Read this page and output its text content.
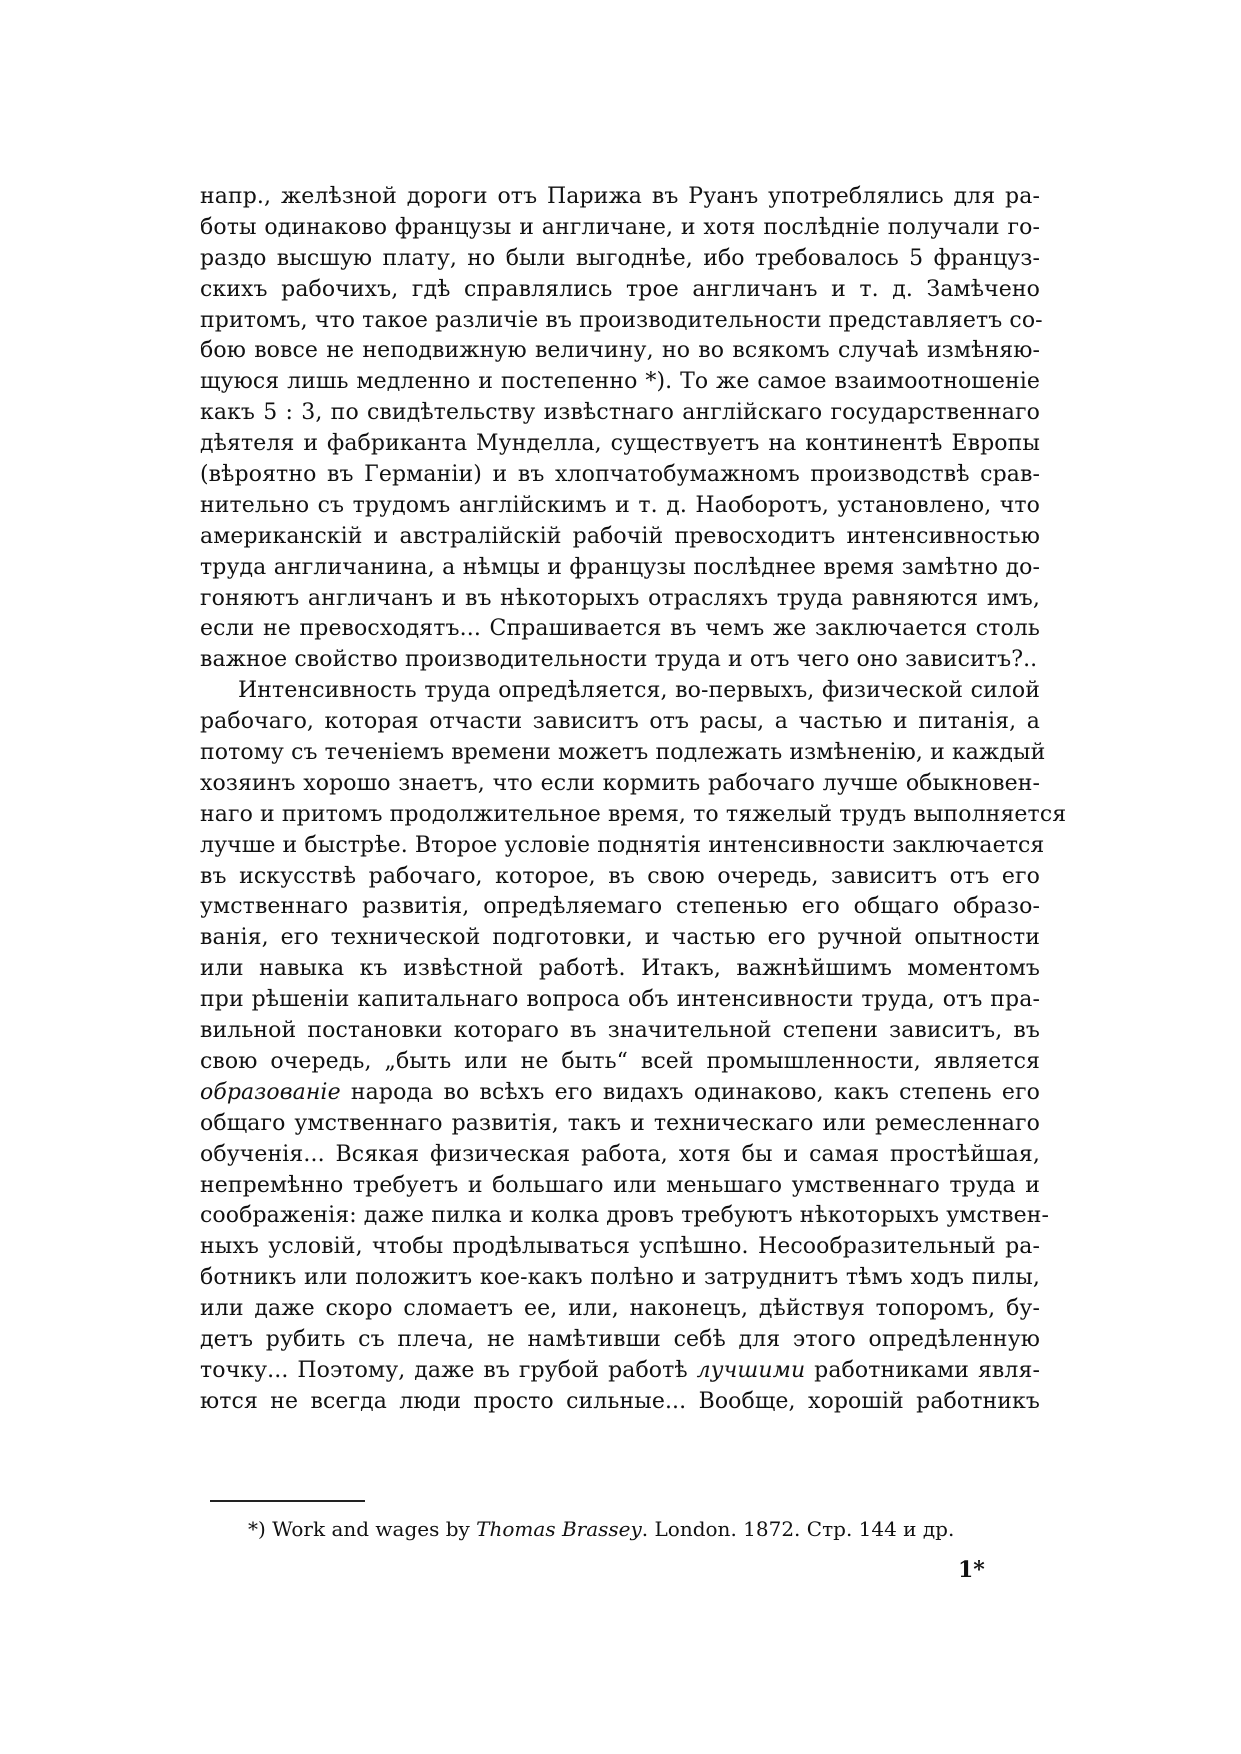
напр., желѣзной дороги отъ Парижа въ Руанъ употреблялись для ра-
боты одинаково французы и англичане, и хотя послѣдніе получали го-
раздо высшую плату, но были выгоднѣе, ибо требовалось 5 француз-
скихъ рабочихъ, гдѣ справлялись трое англичанъ и т. д. Замѣчено
притомъ, что такое различіе въ производительности представляетъ со-
бою вовсе не неподвижную величину, но во всякомъ случаѣ измѣняю-
щуюся лишь медленно и постепенно *). То же самое взаимоотношеніе
какъ 5 : 3, по свидѣтельству извѣстнаго англійскаго государственнаго
дѣятеля и фабриканта Мунделла, существуетъ на континентѣ Европы
(вѣроятно въ Германіи) и въ хлопчатобумажномъ производствѣ срав-
нительно съ трудомъ англійскимъ и т. д. Наоборотъ, установлено, что
американскій и австралійскій рабочій превосходитъ интенсивностью
труда англичанина, а нѣмцы и французы послѣднее время замѣтно до-
гоняютъ англичанъ и въ нѣкоторыхъ отрасляхъ труда равняются имъ,
если не превосходятъ... Спрашивается въ чемъ же заключается столь
важное свойство производительности труда и отъ чего оно зависитъ?..
Интенсивность труда опредѣляется, во-первыхъ, физической силой
рабочаго, которая отчасти зависитъ отъ расы, а частью и питанія, а
потому съ теченіемъ времени можетъ подлежать измѣненію, и каждый
хозяинъ хорошо знаетъ, что если кормить рабочаго лучше обыкновен-
наго и притомъ продолжительное время, то тяжелый трудъ выполняется
лучше и быстрѣе. Второе условіе поднятія интенсивности заключается
въ искусствѣ рабочаго, которое, въ свою очередь, зависитъ отъ его
умственнаго развитія, опредѣляемаго степенью его общаго образо-
ванія, его технической подготовки, и частью его ручной опытности
или навыка къ извѣстной работѣ. Итакъ, важнѣйшимъ моментомъ
при рѣшеніи капитальнаго вопроса объ интенсивности труда, отъ пра-
вильной постановки котораго въ значительной степени зависитъ, въ
свою очередь, „быть или не быть“ всей промышленности, является
образованіе народа во всѣхъ его видахъ одинаково, какъ степень его
общаго умственнаго развитія, такъ и техническаго или ремесленнаго
обученія... Всякая физическая работа, хотя бы и самая простѣйшая,
непремѣнно требуетъ и большаго или меньшаго умственнаго труда и
соображенія: даже пилка и колка дровъ требуютъ нѣкоторыхъ умствен-
ныхъ условій, чтобы продѣлываться успѣшно. Несообразительный ра-
ботникъ или положитъ кое-какъ полѣно и затруднитъ тѣмъ ходъ пилы,
или даже скоро сломаетъ ее, или, наконецъ, дѣйствуя топоромъ, бу-
детъ рубить съ плеча, не намѣтивши себѣ для этого опредѣленную
точку... Поэтому, даже въ грубой работѣ лучшими работниками явля-
ются не всегда люди просто сильные... Вообще, хорошій работникъ
*) Work and wages by Thomas Brassey. London. 1872. Стр. 144 и др.
1*
